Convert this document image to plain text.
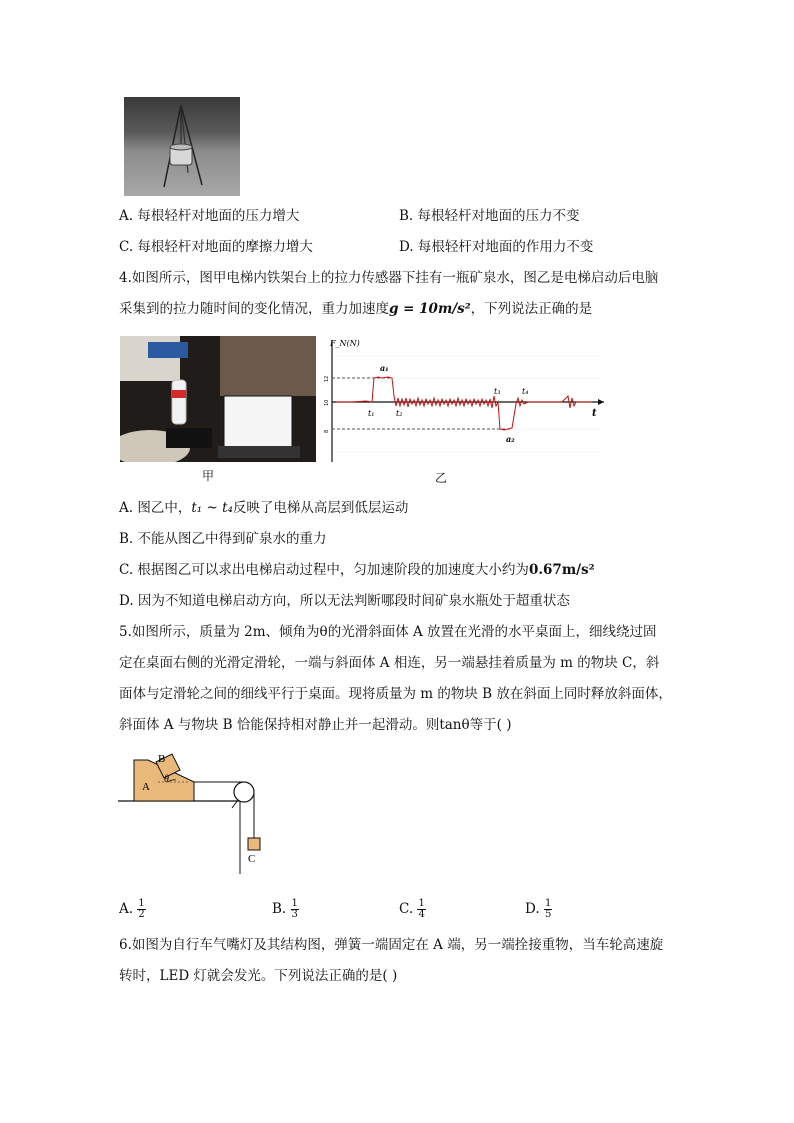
A. 每根轻杆对地面的压力增大	B. 每根轻杆对地面的压力不变
C. 每根轻杆对地面的摩擦力增大	D. 每根轻杆对地面的作用力不变
4.如图所示，图甲电梯内铁架台上的拉力传感器下挂有一瓶矿泉水，图乙是电梯启动后电脑
采集到的拉力随时间的变化情况，重力加速度g = 10m/s²，下列说法正确的是
甲
F_N(N)
t
a₁
t₁	t₂
t₃	t₄
a₂
12
10
8
乙
A. 图乙中，t₁ ~ t₄反映了电梯从高层到低层运动
B. 不能从图乙中得到矿泉水的重力
C. 根据图乙可以求出电梯启动过程中，匀加速阶段的加速度大小约为0.67m/s²
D. 因为不知道电梯启动方向，所以无法判断哪段时间矿泉水瓶处于超重状态
5.如图所示，质量为 2m、倾角为θ的光滑斜面体 A 放置在光滑的水平桌面上，细线绕过固
定在桌面右侧的光滑定滑轮，一端与斜面体 A 相连，另一端悬挂着质量为 m 的物块 C，斜
面体与定滑轮之间的细线平行于桌面。现将质量为 m 的物块 B 放在斜面上同时释放斜面体，
斜面体 A 与物块 B 恰能保持相对静止并一起滑动。则tanθ等于( )
B
A
θ
C
A. $\frac{1}{2}$	B. $\frac{1}{3}$	C. $\frac{1}{4}$	D. $\frac{1}{5}$
6.如图为自行车气嘴灯及其结构图，弹簧一端固定在 A 端，另一端拴接重物，当车轮高速旋
转时，LED 灯就会发光。下列说法正确的是( )
